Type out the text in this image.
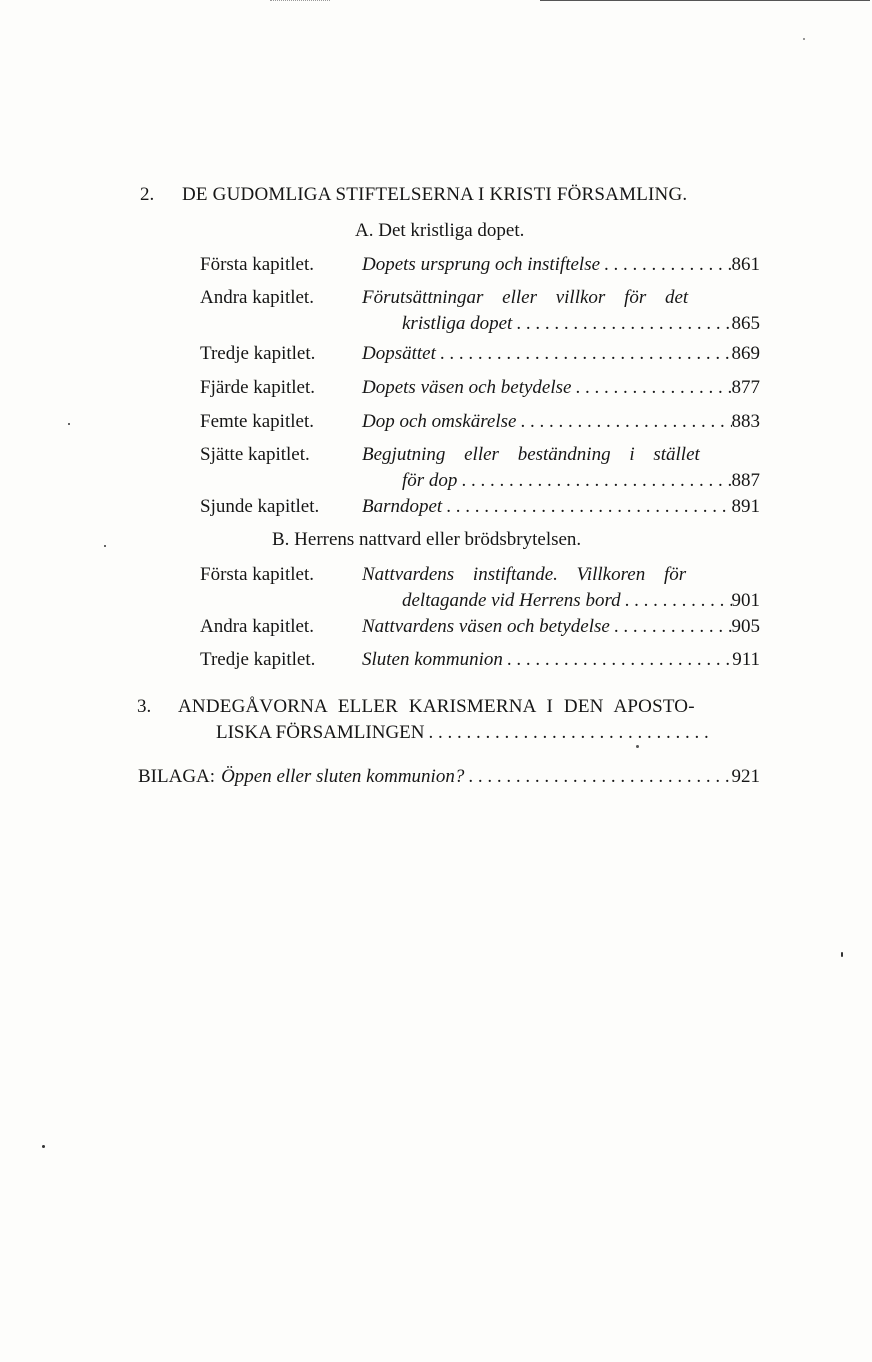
2. DE GUDOMLIGA STIFTELSERNA I KRISTI FÖRSAMLING.
A. Det kristliga dopet.
Första kapitlet.	Dopets ursprung och instiftelse . . .	861
Andra kapitlet.	Förutsättningar eller villkor för det
kristliga dopet . . .	865
Tredje kapitlet. Dopsättet . . .	869
Fjärde kapitlet. Dopets väsen och betydelse . . .	877
Femte kapitlet.	Dop och omskärelse . . .	883
Sjätte kapitlet.	Begjutning eller beständning i stället
för dop . . .	887
Sjunde kapitlet. Barndopet . . .	891
B. Herrens nattvard eller brödsbrytelsen.
Första kapitlet.	Nattvardens instiftande. Villkoren för
deltagande vid Herrens bord . . .	901
Andra kapitlet.	Nattvardens väsen och betydelse . . .	905
Tredje kapitlet. Sluten kommunion . . .	911
3. ANDEGÅVORNA ELLER KARISMERNA I DEN APOSTO-
LISKA FÖRSAMLINGEN
. . .
BILAGA: Öppen eller sluten kommunion? . . .	921
